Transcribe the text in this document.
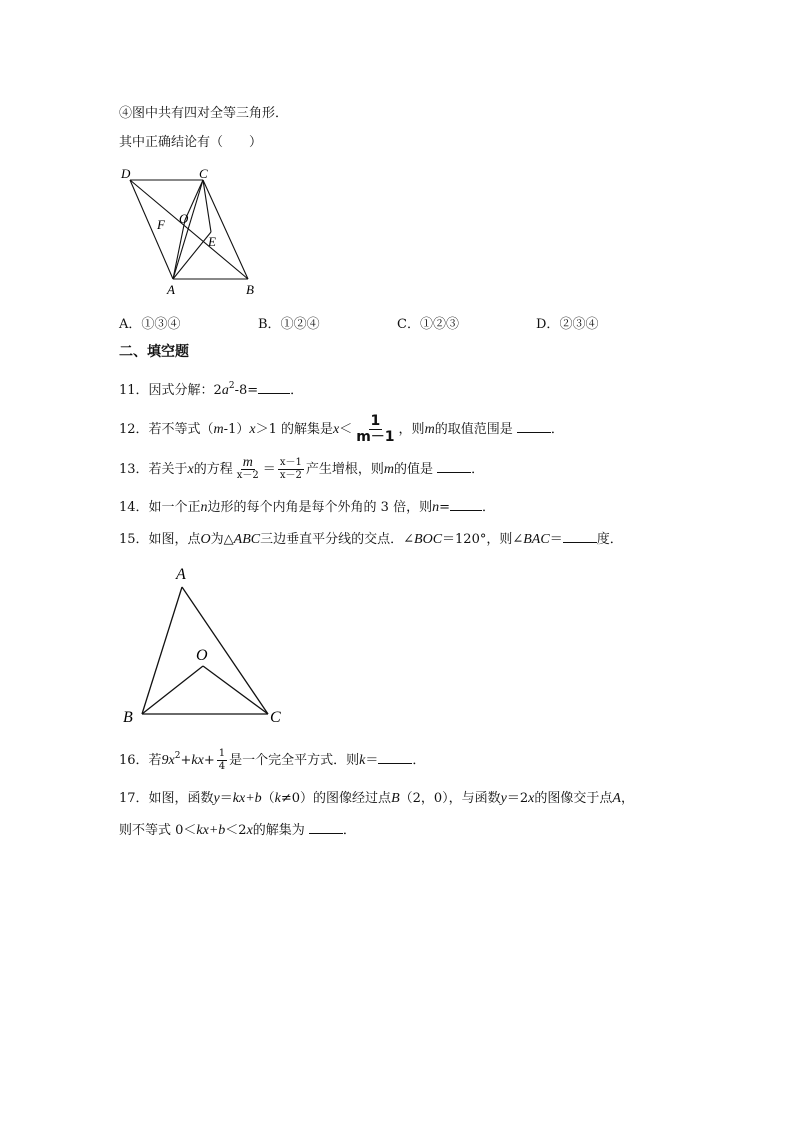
④图中共有四对全等三角形．
其中正确结论有（　　）
D	C
F O
E
A	B
A．①③④	B．①②④	C．①②③	D．②③④
二、填空题
11．因式分解：$2a^2-8=$ ．
12．若不等式（m-1）x＞1 的解集是$x< \frac{1}{m-1}$ ，则m的取值范围是	．
13．若关于x的方程 $\frac{m}{x-2} = \frac{x-1}{x-2}$ 产生增根，则m的值是	．
14．如一个正n边形的每个内角是每个外角的 3 倍，则n= ．
15．如图，点O为△ABC三边垂直平分线的交点．∠BOC＝120°，则∠BAC＝	度．
A
O
B	C
16．若$9x^2+kx+ \frac{1}{4}$ 是一个完全平方式．则k＝	．
17．如图，函数y＝kx+b（k≠0）的图像经过点B（2，0），与函数y＝2x的图像交于点A，
则不等式 0＜kx+b＜2x的解集为	．
